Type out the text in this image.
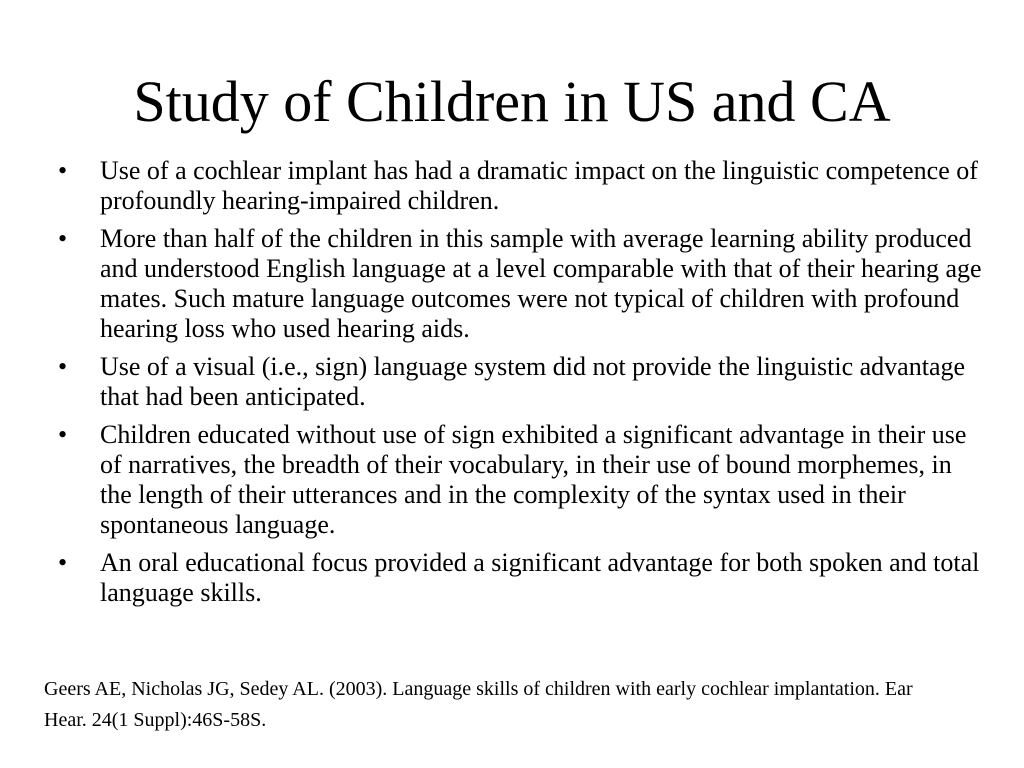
Study of Children in US and CA
•	Use of a cochlear implant has had a dramatic impact on the linguistic competence of profoundly hearing-impaired children.
•	More than half of the children in this sample with average learning ability produced and understood English language at a level comparable with that of their hearing age mates. Such mature language outcomes were not typical of children with profound hearing loss who used hearing aids.
•	Use of a visual (i.e., sign) language system did not provide the linguistic advantage that had been anticipated.
•	Children educated without use of sign exhibited a significant advantage in their use of narratives, the breadth of their vocabulary, in their use of bound morphemes, in the length of their utterances and in the complexity of the syntax used in their spontaneous language.
•	An oral educational focus provided a significant advantage for both spoken and total language skills.

Geers AE, Nicholas JG, Sedey AL. (2003). Language skills of children with early cochlear implantation. Ear Hear. 24(1 Suppl):46S-58S.
